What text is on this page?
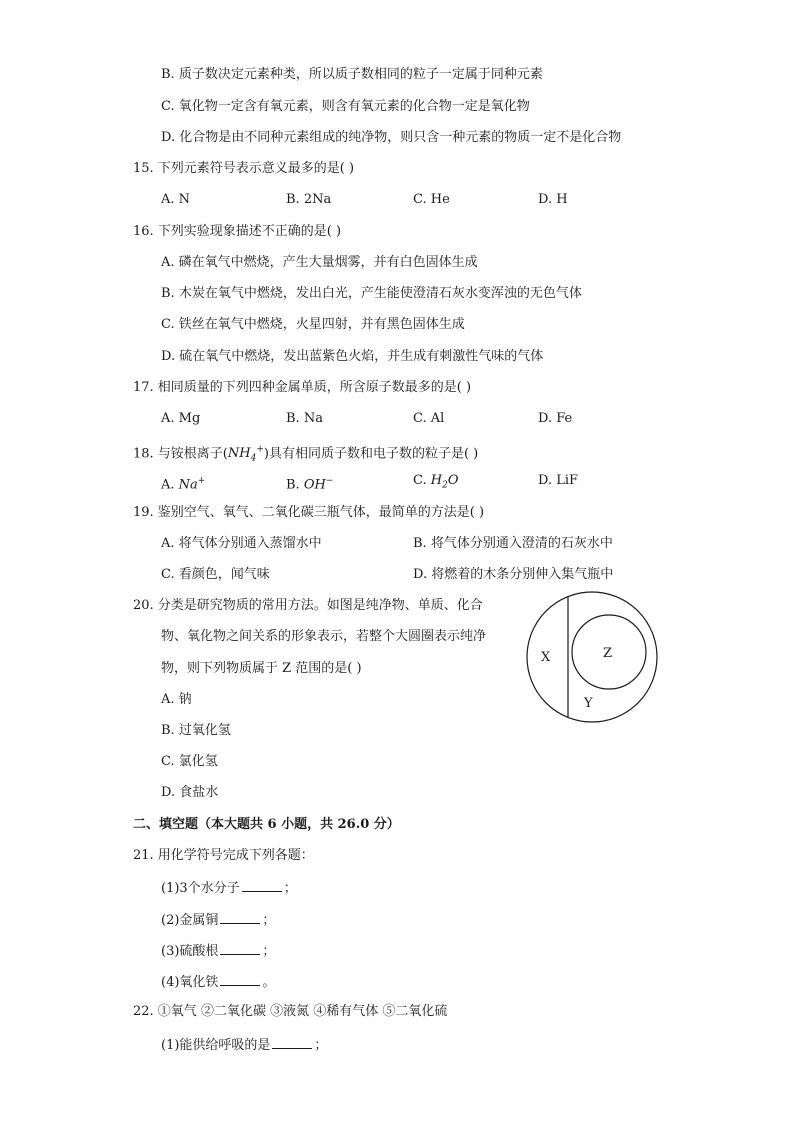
B. 质子数决定元素种类，所以质子数相同的粒子一定属于同种元素
C. 氧化物一定含有氧元素，则含有氧元素的化合物一定是氧化物
D. 化合物是由不同种元素组成的纯净物，则只含一种元素的物质一定不是化合物
15. 下列元素符号表示意义最多的是( )
A. N	B. 2Na	C. He	D. H
16. 下列实验现象描述不正确的是( )
A. 磷在氧气中燃烧，产生大量烟雾，并有白色固体生成
B. 木炭在氧气中燃烧，发出白光，产生能使澄清石灰水变浑浊的无色气体
C. 铁丝在氧气中燃烧，火星四射，并有黑色固体生成
D. 硫在氧气中燃烧，发出蓝紫色火焰，并生成有刺激性气味的气体
17. 相同质量的下列四种金属单质，所含原子数最多的是( )
A. Mg	B. Na	C. Al	D. Fe
18. 与铵根离子$(NH_4^+)$具有相同质子数和电子数的粒子是( )
A. Na+	B. OH−	C. $H_2O$	D. LiF
19. 鉴别空气、氧气、二氧化碳三瓶气体，最简单的方法是( )
A. 将气体分别通入蒸馏水中	B. 将气体分别通入澄清的石灰水中
C. 看颜色，闻气味	D. 将燃着的木条分别伸入集气瓶中
20. 分类是研究物质的常用方法。如图是纯净物、单质、化合
物、氧化物之间关系的形象表示，若整个大圆圈表示纯净
物，则下列物质属于 Z 范围的是( )
A. 钠
B. 过氧化氢
C. 氯化氢
D. 食盐水
X	Z
Y
二、填空题（本大题共 6 小题，共 26.0 分）
21. 用化学符号完成下列各题：
(1)3个水分子	；
(2)金属铜	；
(3)硫酸根	；
(4)氧化铁	。
22. ①氧气 ②二氧化碳 ③液氮 ④稀有气体 ⑤二氧化硫
(1)能供给呼吸的是	；
